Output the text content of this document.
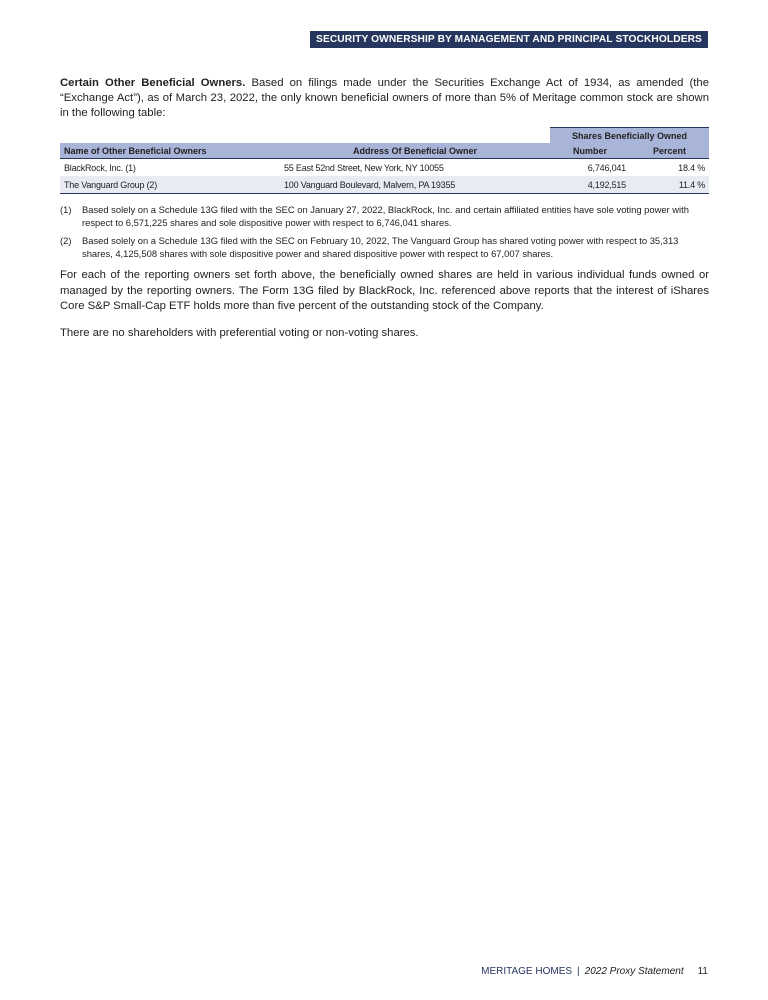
SECURITY OWNERSHIP BY MANAGEMENT AND PRINCIPAL STOCKHOLDERS

Certain Other Beneficial Owners. Based on filings made under the Securities Exchange Act of 1934, as amended (the “Exchange Act”), as of March 23, 2022, the only known beneficial owners of more than 5% of Meritage common stock are shown in the following table:

		Shares Beneficially Owned	
Name of Other Beneficial Owners	Address Of Beneficial Owner	Number	Percent
BlackRock, Inc. (1)	55 East 52nd Street, New York, NY 10055	6,746,041	18.4 %
The Vanguard Group (2)	100 Vanguard Boulevard, Malvern, PA 19355	4,192,515	11.4 %
(1)	Based solely on a Schedule 13G filed with the SEC on January 27, 2022, BlackRock, Inc. and certain affiliated entities have sole voting power with respect to 6,571,225 shares and sole dispositive power with respect to 6,746,041 shares.
(2)	Based solely on a Schedule 13G filed with the SEC on February 10, 2022, The Vanguard Group has shared voting power with respect to 35,313 shares, 4,125,508 shares with sole dispositive power and shared dispositive power with respect to 67,007 shares.

For each of the reporting owners set forth above, the beneficially owned shares are held in various individual funds owned or managed by the reporting owners. The Form 13G filed by BlackRock, Inc. referenced above reports that the interest of iShares Core S&P Small-Cap ETF holds more than five percent of the outstanding stock of the Company.

There are no shareholders with preferential voting or non-voting shares.

MERITAGE HOMES | 2022 Proxy Statement 11
